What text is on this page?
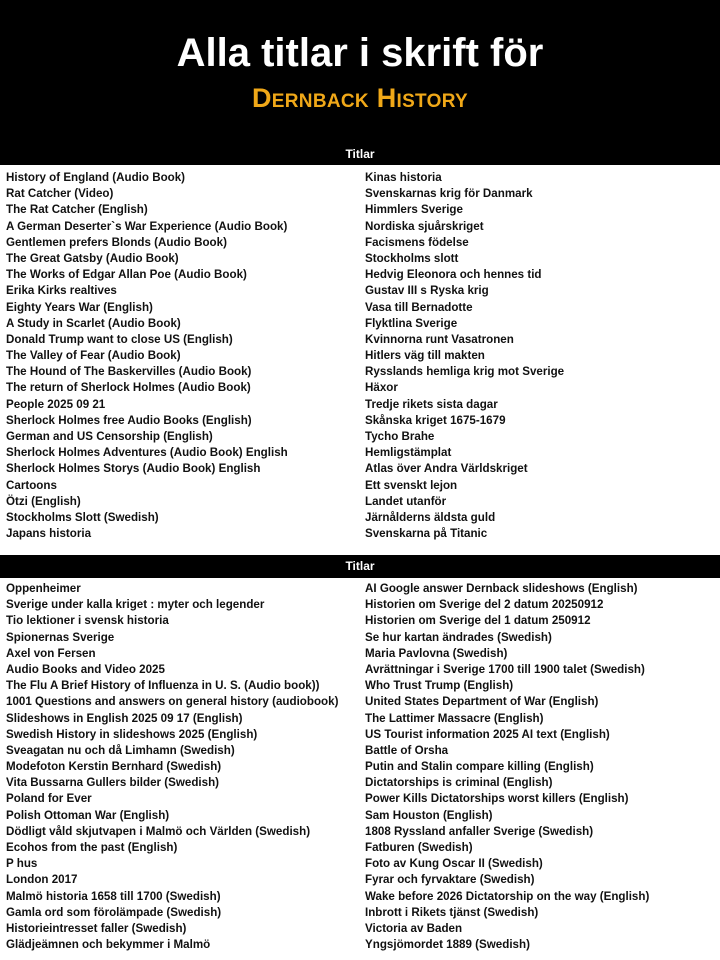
Alla titlar i skrift för
Dernback History
Titlar
History of England (Audio Book)
Rat Catcher (Video)
The Rat Catcher (English)
A German Deserter`s War Experience (Audio Book)
Gentlemen prefers Blonds (Audio Book)
The Great Gatsby (Audio Book)
The Works of Edgar Allan Poe (Audio Book)
Erika Kirks realtives
Eighty Years War (English)
A Study in Scarlet (Audio Book)
Donald Trump want to close US (English)
The Valley of Fear (Audio Book)
The Hound of The Baskervilles (Audio Book)
The return of Sherlock Holmes (Audio Book)
People 2025 09 21
Sherlock Holmes free Audio Books (English)
German and US Censorship (English)
Sherlock Holmes Adventures (Audio Book) English
Sherlock Holmes Storys (Audio Book) English
Cartoons
Ötzi (English)
Stockholms Slott (Swedish)
Japans historia
Kinas historia
Svenskarnas krig för Danmark
Himmlers Sverige
Nordiska sjuårskriget
Facismens födelse
Stockholms slott
Hedvig Eleonora och hennes tid
Gustav III s Ryska krig
Vasa till Bernadotte
Flyktlina Sverige
Kvinnorna runt Vasatronen
Hitlers väg till makten
Rysslands hemliga krig mot Sverige
Häxor
Tredje rikets sista dagar
Skånska kriget 1675-1679
Tycho Brahe
Hemligstämplat
Atlas över Andra Världskriget
Ett svenskt lejon
Landet utanför
Järnålderns äldsta guld
Svenskarna på Titanic
Titlar
Oppenheimer
Sverige under kalla kriget : myter och legender
Tio lektioner i svensk historia
Spionernas Sverige
Axel von Fersen
Audio Books and Video 2025
The Flu A Brief History of Influenza in U. S. (Audio book))
1001 Questions and answers on general history (audiobook)
Slideshows in English 2025 09 17 (English)
Swedish History in slideshows 2025 (English)
Sveagatan nu och då Limhamn (Swedish)
Modefoton Kerstin Bernhard (Swedish)
Vita Bussarna Gullers bilder (Swedish)
Poland for Ever
Polish Ottoman War (English)
Dödligt våld skjutvapen i Malmö och Världen (Swedish)
Ecohos from the past (English)
P hus
London 2017
Malmö historia 1658 till 1700 (Swedish)
Gamla ord som förolämpade (Swedish)
Historieintresset faller (Swedish)
Glädjeämnen och bekymmer i Malmö
AI Google answer Dernback slideshows (English)
Historien om Sverige del 2 datum 20250912
Historien om Sverige del 1 datum 250912
Se hur kartan ändrades (Swedish)
Maria Pavlovna (Swedish)
Avrättningar i Sverige 1700 till 1900 talet (Swedish)
Who Trust Trump (English)
United States Department of War (English)
The Lattimer Massacre (English)
US Tourist information 2025 AI text (English)
Battle of Orsha
Putin and Stalin compare killing (English)
Dictatorships is criminal (English)
Power Kills Dictatorships worst killers (English)
Sam Houston (English)
1808 Ryssland anfaller Sverige (Swedish)
Fatburen (Swedish)
Foto av Kung Oscar II (Swedish)
Fyrar och fyrvaktare (Swedish)
Wake before 2026 Dictatorship on the way (English)
Inbrott i Rikets tjänst (Swedish)
Victoria av Baden
Yngsjömordet 1889 (Swedish)
